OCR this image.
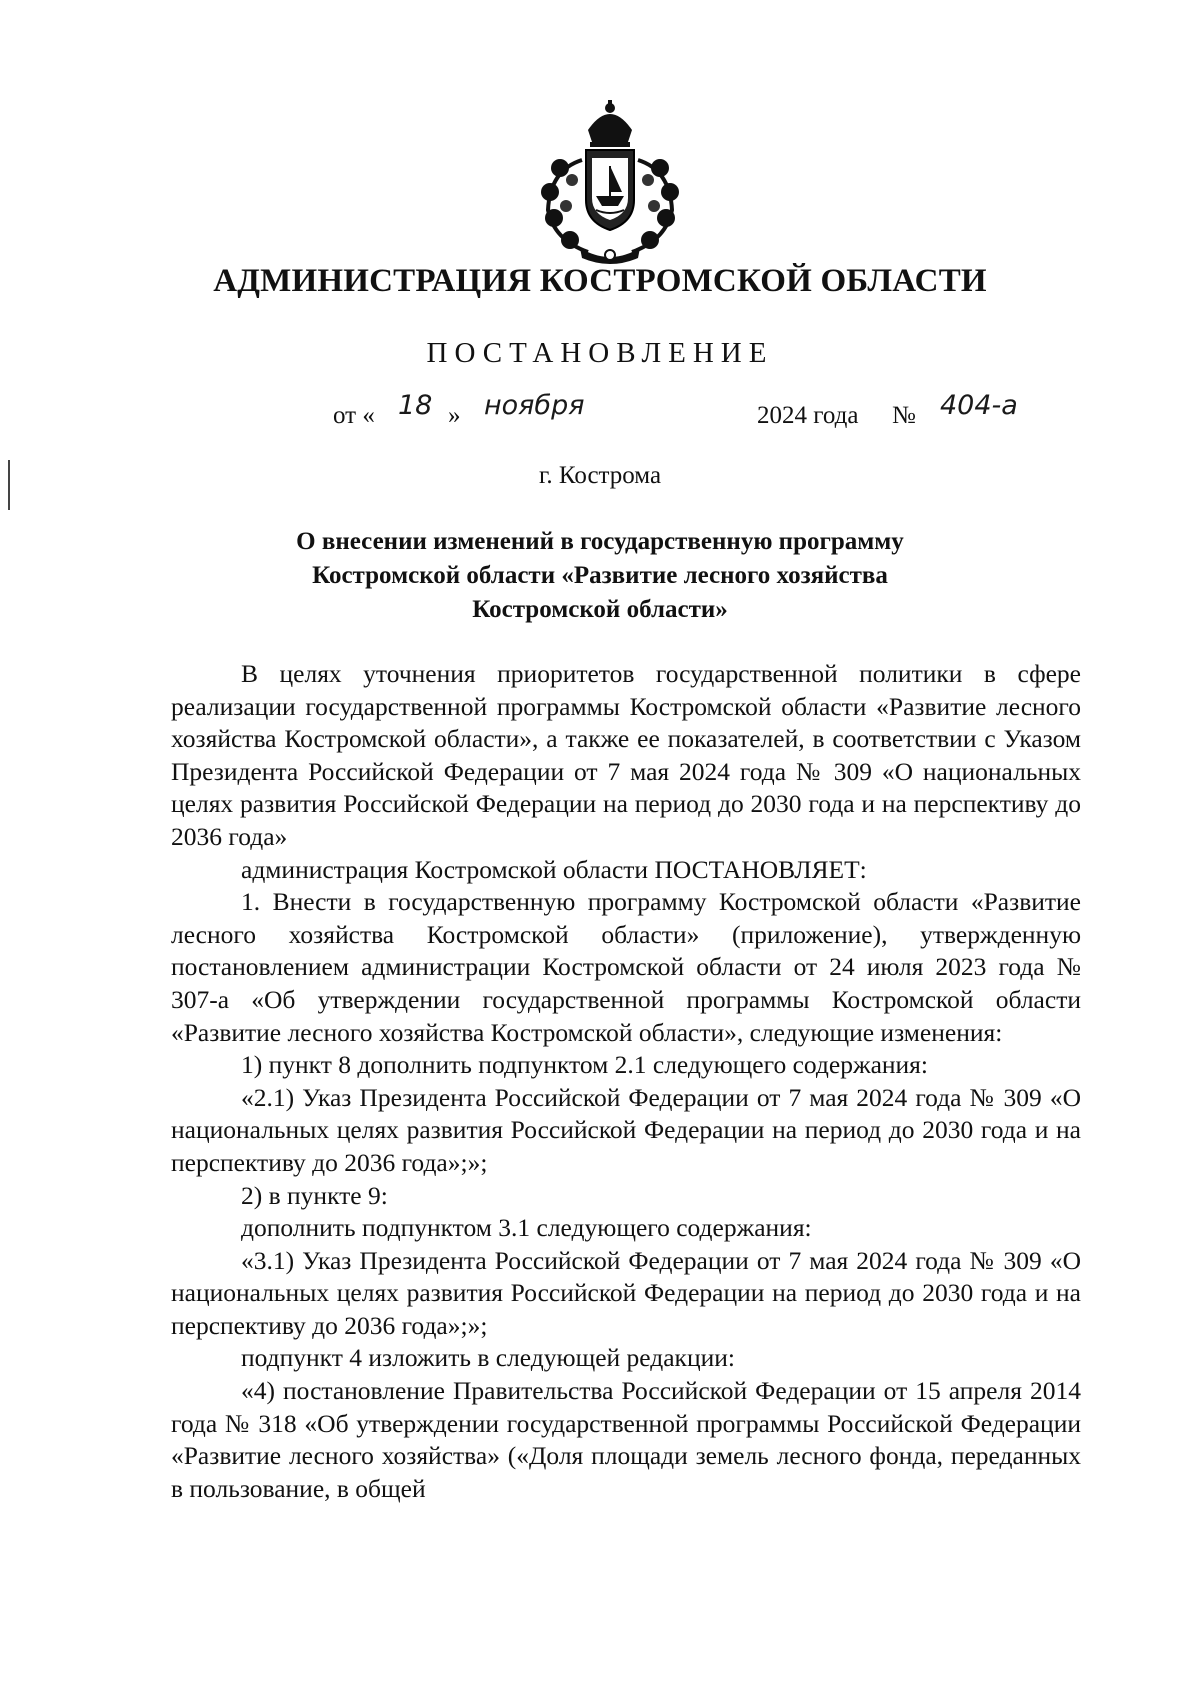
АДМИНИСТРАЦИЯ КОСТРОМСКОЙ ОБЛАСТИ
ПОСТАНОВЛЕНИЕ
от « 18 » ноября	2024 года № 404-а
г. Кострома
О внесении изменений в государственную программу
Костромской области «Развитие лесного хозяйства
Костромской области»

В целях уточнения приоритетов государственной политики в сфере реализации государственной программы Костромской области «Развитие лесного хозяйства Костромской области», а также ее показателей, в соответствии с Указом Президента Российской Федерации от 7 мая 2024 года № 309 «О национальных целях развития Российской Федерации на период до 2030 года и на перспективу до 2036 года»

администрация Костромской области ПОСТАНОВЛЯЕТ:

1. Внести в государственную программу Костромской области «Развитие лесного хозяйства Костромской области» (приложение), утвержденную постановлением администрации Костромской области от 24 июля 2023 года № 307-а «Об утверждении государственной программы Костромской области «Развитие лесного хозяйства Костромской области», следующие изменения:

1) пункт 8 дополнить подпунктом 2.1 следующего содержания:

«2.1) Указ Президента Российской Федерации от 7 мая 2024 года № 309 «О национальных целях развития Российской Федерации на период до 2030 года и на перспективу до 2036 года»;»;

2) в пункте 9:

дополнить подпунктом 3.1 следующего содержания:

«3.1) Указ Президента Российской Федерации от 7 мая 2024 года № 309 «О национальных целях развития Российской Федерации на период до 2030 года и на перспективу до 2036 года»;»;

подпункт 4 изложить в следующей редакции:

«4) постановление Правительства Российской Федерации от 15 апреля 2014 года № 318 «Об утверждении государственной программы Российской Федерации «Развитие лесного хозяйства» («Доля площади земель лесного фонда, переданных в пользование, в общей
